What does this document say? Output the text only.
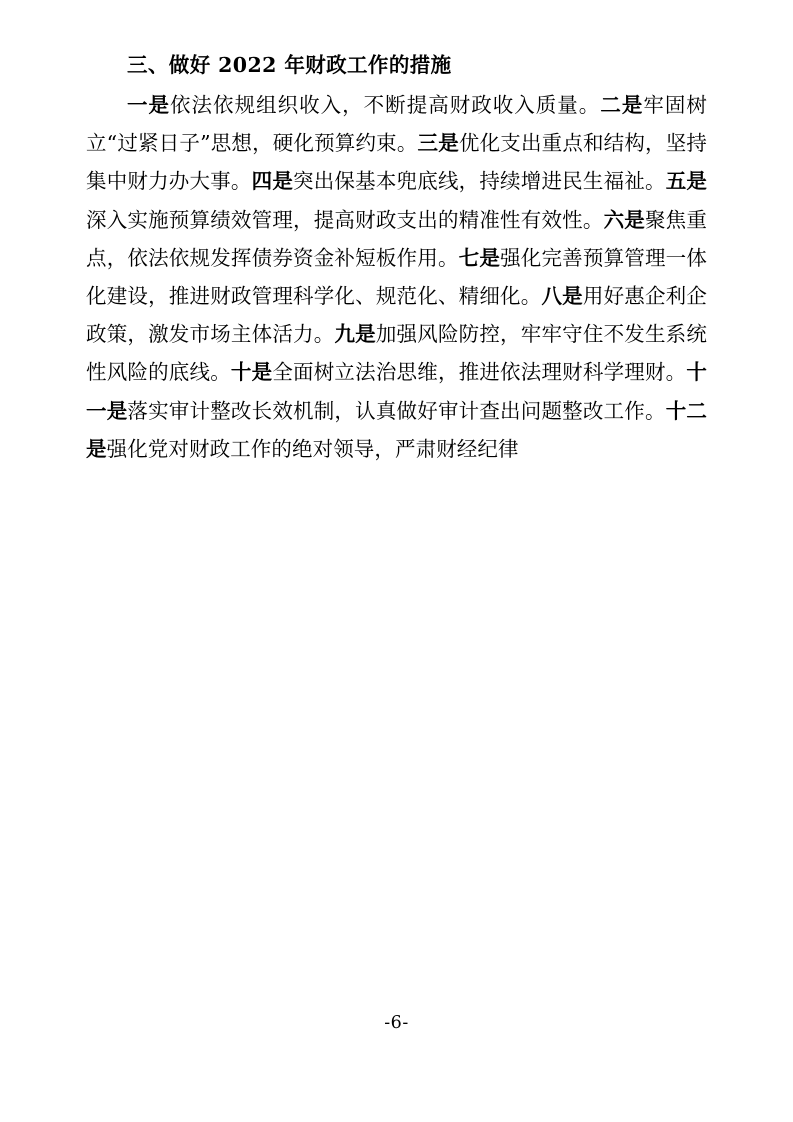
三、做好 2022 年财政工作的措施

一是依法依规组织收入，不断提高财政收入质量。二是牢固树立“过紧日子”思想，硬化预算约束。三是优化支出重点和结构，坚持集中财力办大事。四是突出保基本兜底线，持续增进民生福祉。五是深入实施预算绩效管理，提高财政支出的精准性有效性。六是聚焦重点，依法依规发挥债券资金补短板作用。七是强化完善预算管理一体化建设，推进财政管理科学化、规范化、精细化。八是用好惠企利企政策，激发市场主体活力。九是加强风险防控，牢牢守住不发生系统性风险的底线。十是全面树立法治思维，推进依法理财科学理财。十一是落实审计整改长效机制，认真做好审计查出问题整改工作。十二是强化党对财政工作的绝对领导，严肃财经纪律

-6-
